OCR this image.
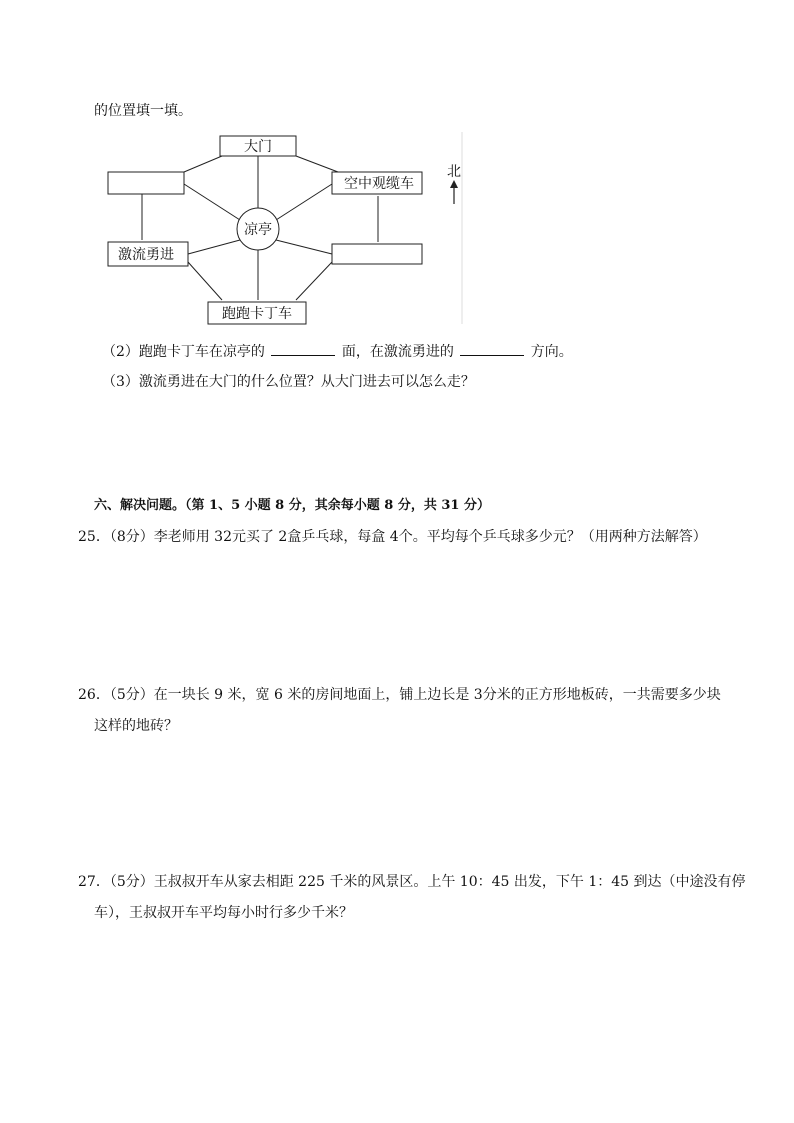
的位置填一填。
大门
空中观缆车
凉亭
激流勇进
跑跑卡丁车
北
（2）跑跑卡丁车在凉亭的	面，在激流勇进的	方向。
（3）激流勇进在大门的什么位置？从大门进去可以怎么走？
六、解决问题。（第 1、5 小题 8 分，其余每小题 8 分，共 31 分）
25．（8分）李老师用 32元买了 2盒乒乓球，每盒 4个。平均每个乒乓球多少元？（用两种方法解答）
26．（5分）在一块长 9 米，宽 6 米的房间地面上，铺上边长是 3分米的正方形地板砖，一共需要多少块
这样的地砖？
27．（5分）王叔叔开车从家去相距 225 千米的风景区。上午 10：45 出发，下午 1：45 到达（中途没有停
车），王叔叔开车平均每小时行多少千米？
